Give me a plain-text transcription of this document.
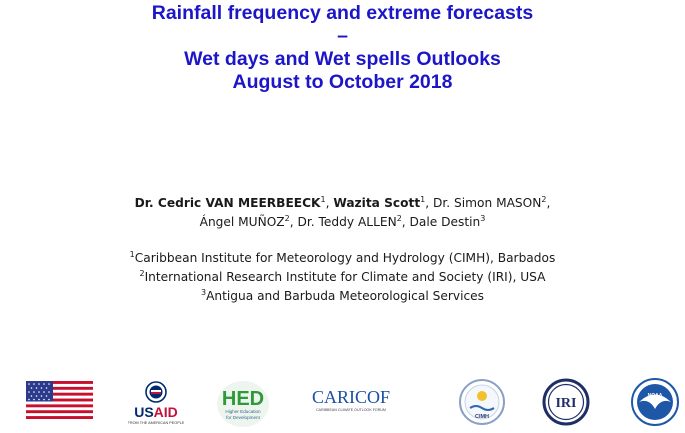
Rainfall frequency and extreme forecasts
–
Wet days and Wet spells Outlooks
August to October 2018
Dr. Cedric VAN MEERBEECK$^1$, Wazita Scott$^1$, Dr. Simon MASON$^2$,
Ángel MUÑOZ$^2$, Dr. Teddy ALLEN$^2$, Dale Destin$^3$
$^1$Caribbean Institute for Meteorology and Hydrology (CIMH), Barbados
$^2$International Research Institute for Climate and Society (IRI), USA
$^3$Antigua and Barbuda Meteorological Services
USAID
FROM THE AMERICAN PEOPLE
HED
Higher Education
for Development
CARICOF
CARIBBEAN CLIMATE OUTLOOK FORUM
CIMH
IRI	NOAA
